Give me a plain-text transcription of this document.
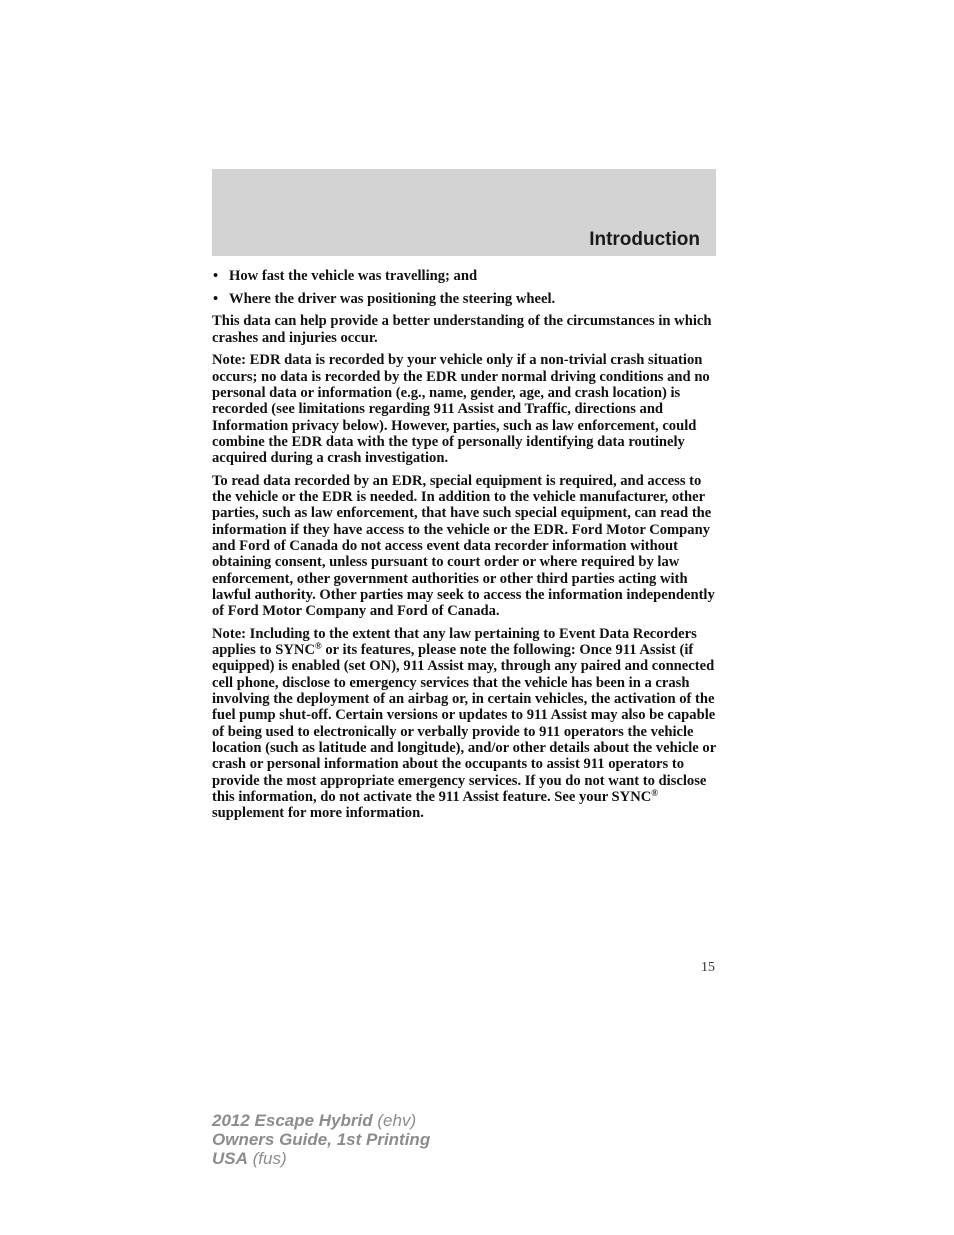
Introduction
• How fast the vehicle was travelling; and
• Where the driver was positioning the steering wheel.

This data can help provide a better understanding of the circumstances in which crashes and injuries occur.

Note: EDR data is recorded by your vehicle only if a non-trivial crash situation occurs; no data is recorded by the EDR under normal driving conditions and no personal data or information (e.g., name, gender, age, and crash location) is recorded (see limitations regarding 911 Assist and Traffic, directions and Information privacy below). However, parties, such as law enforcement, could combine the EDR data with the type of personally identifying data routinely acquired during a crash investigation.

To read data recorded by an EDR, special equipment is required, and access to the vehicle or the EDR is needed. In addition to the vehicle manufacturer, other parties, such as law enforcement, that have such special equipment, can read the information if they have access to the vehicle or the EDR. Ford Motor Company and Ford of Canada do not access event data recorder information without obtaining consent, unless pursuant to court order or where required by law enforcement, other government authorities or other third parties acting with lawful authority. Other parties may seek to access the information independently of Ford Motor Company and Ford of Canada.

Note: Including to the extent that any law pertaining to Event Data Recorders applies to SYNC® or its features, please note the following: Once 911 Assist (if equipped) is enabled (set ON), 911 Assist may, through any paired and connected cell phone, disclose to emergency services that the vehicle has been in a crash involving the deployment of an airbag or, in certain vehicles, the activation of the fuel pump shut-off. Certain versions or updates to 911 Assist may also be capable of being used to electronically or verbally provide to 911 operators the vehicle location (such as latitude and longitude), and/or other details about the vehicle or crash or personal information about the occupants to assist 911 operators to provide the most appropriate emergency services. If you do not want to disclose this information, do not activate the 911 Assist feature. See your SYNC® supplement for more information.

15
2012 Escape Hybrid (ehv)
Owners Guide, 1st Printing
USA (fus)
